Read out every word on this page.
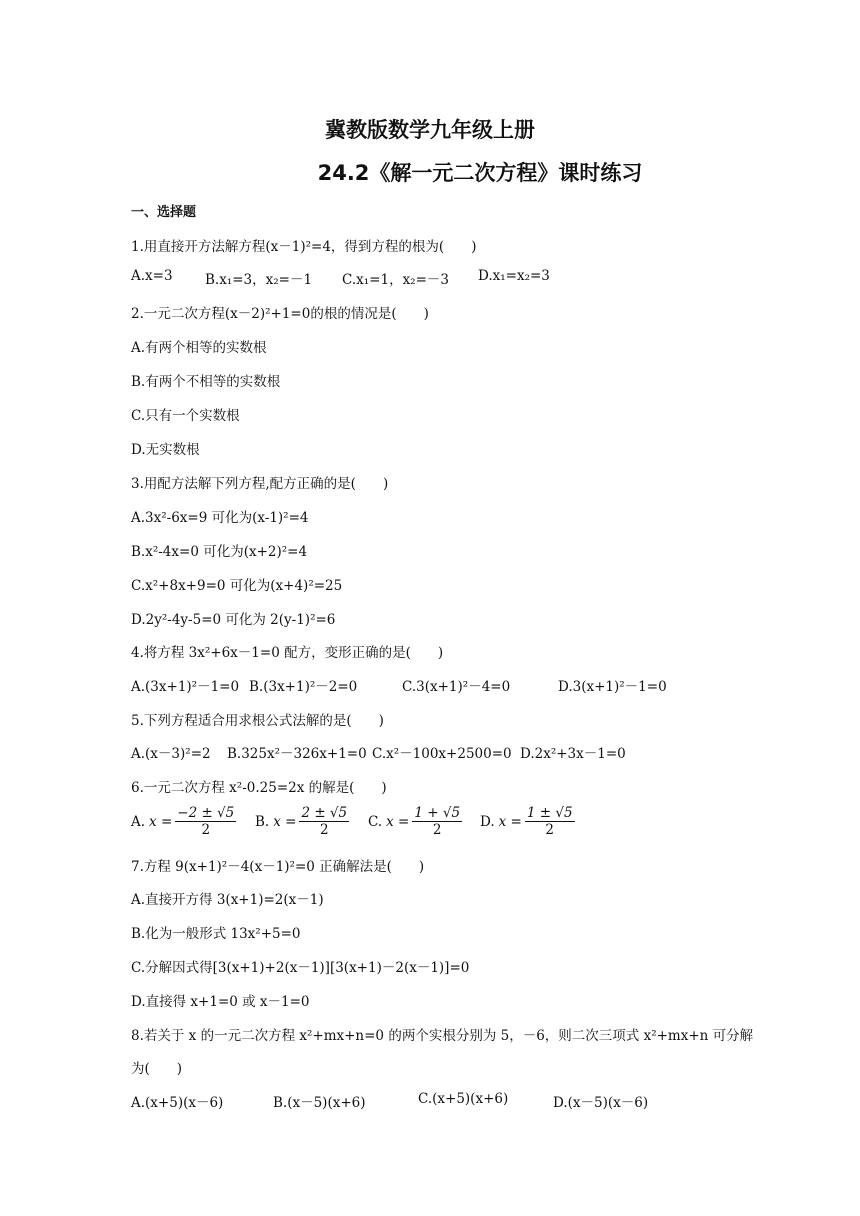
冀教版数学九年级上册
24.2《解一元二次方程》课时练习
一、选择题
1.用直接开方法解方程(x－1)²=4，得到方程的根为(　　)
A.x=3 B.x₁=3，x₂=－1 C.x₁=1，x₂=－3 D.x₁=x₂=3
2.一元二次方程(x－2)²+1=0的根的情况是(　　)
A.有两个相等的实数根
B.有两个不相等的实数根
C.只有一个实数根
D.无实数根
3.用配方法解下列方程,配方正确的是(　　)
A.3x²-6x=9 可化为(x-1)²=4
B.x²-4x=0 可化为(x+2)²=4
C.x²+8x+9=0 可化为(x+4)²=25
D.2y²-4y-5=0 可化为 2(y-1)²=6
4.将方程 3x²+6x－1=0 配方，变形正确的是(　　)
A.(3x+1)²－1=0 B.(3x+1)²－2=0	C.3(x+1)²－4=0	D.3(x+1)²－1=0
5.下列方程适合用求根公式法解的是(　　)
A.(x－3)²=2 B.325x²－326x+1=0 C.x²－100x+2500=0 D.2x²+3x－1=0
6.一元二次方程 x²-0.25=2x 的解是(　　)
A. $x = \frac{-2 \pm √5}{2} B$. $x = \frac{2 \pm √5}{2} C$. $x = \frac{1 + √5}{2} D$. $x = \frac{1 \pm √5}{2}$
7.方程 9(x+1)²－4(x－1)²=0 正确解法是(　　)
A.直接开方得 3(x+1)=2(x－1)
B.化为一般形式 13x²+5=0
C.分解因式得[3(x+1)+2(x－1)][3(x+1)－2(x－1)]=0
D.直接得 x+1=0 或 x－1=0
8.若关于 x 的一元二次方程 x²+mx+n=0 的两个实根分别为 5，－6，则二次三项式 x²+mx+n 可分解
为(　　)
A.(x+5)(x－6)	B.(x－5)(x+6)	C.(x+5)(x+6)	D.(x－5)(x－6)
